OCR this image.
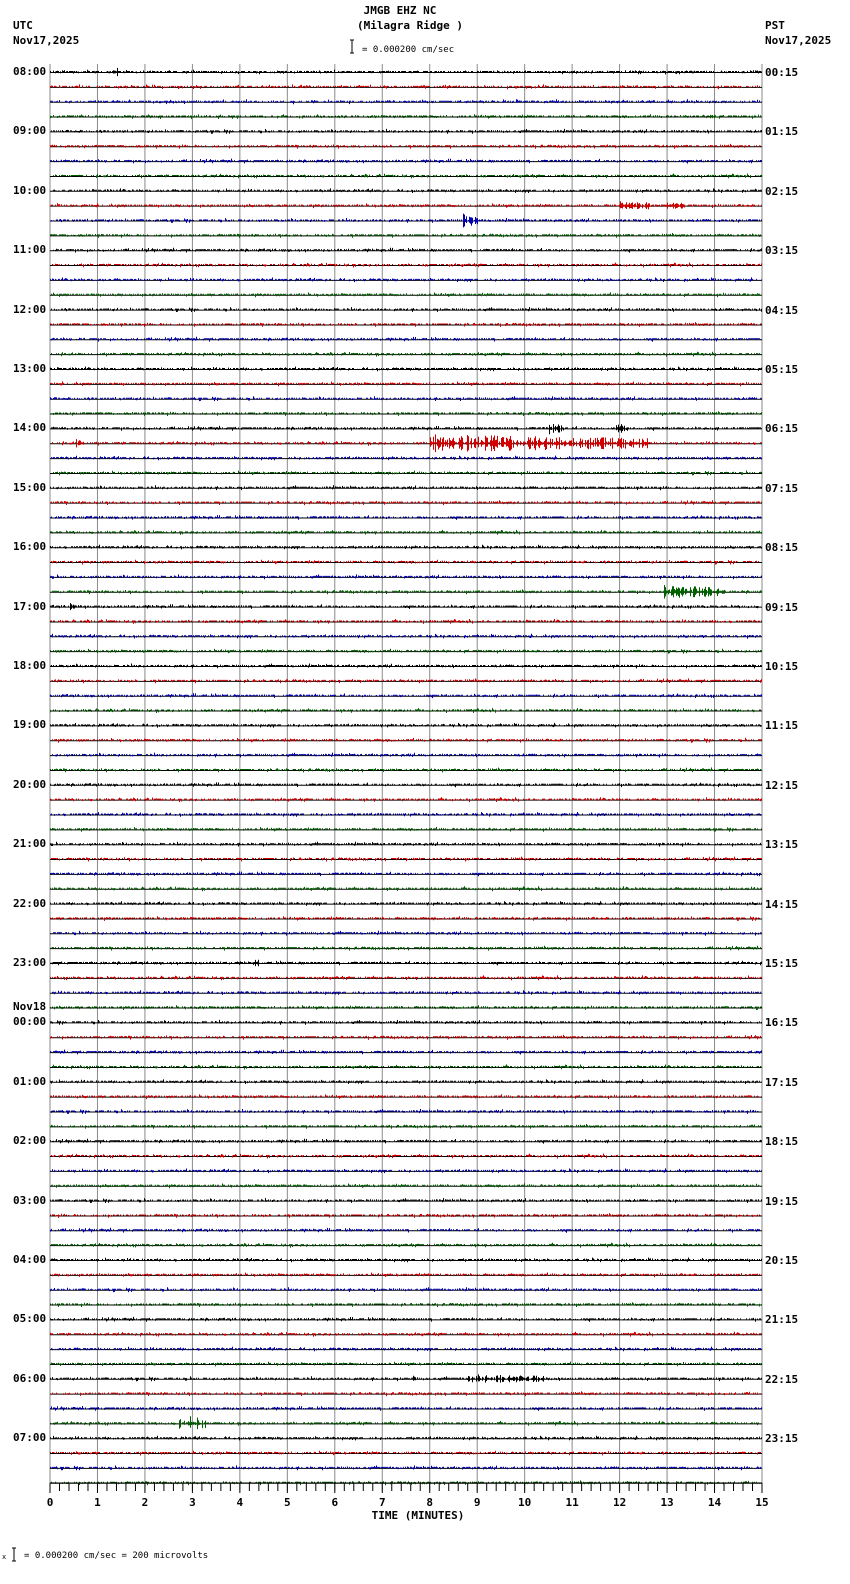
JMGB EHZ NC
(Milagra Ridge )
= 0.000200 cm/sec
UTC
Nov17,2025
PST
Nov17,2025
08:00
09:00
10:00
11:00
12:00
13:00
14:00
15:00
16:00
17:00
18:00
19:00
20:00
21:00
22:00
23:00
Nov18
00:00
01:00
02:00
03:00
04:00
05:00
06:00
07:00
00:15
01:15
02:15
03:15
04:15
05:15
06:15
07:15
08:15
09:15
10:15
11:15
12:15
13:15
14:15
15:15
16:15
17:15
18:15
19:15
20:15
21:15
22:15
23:15
0	1	2	3	4	5	6	7	8	9	10	11	12	13	14	15
TIME (MINUTES)
x = 0.000200 cm/sec = 200 microvolts
